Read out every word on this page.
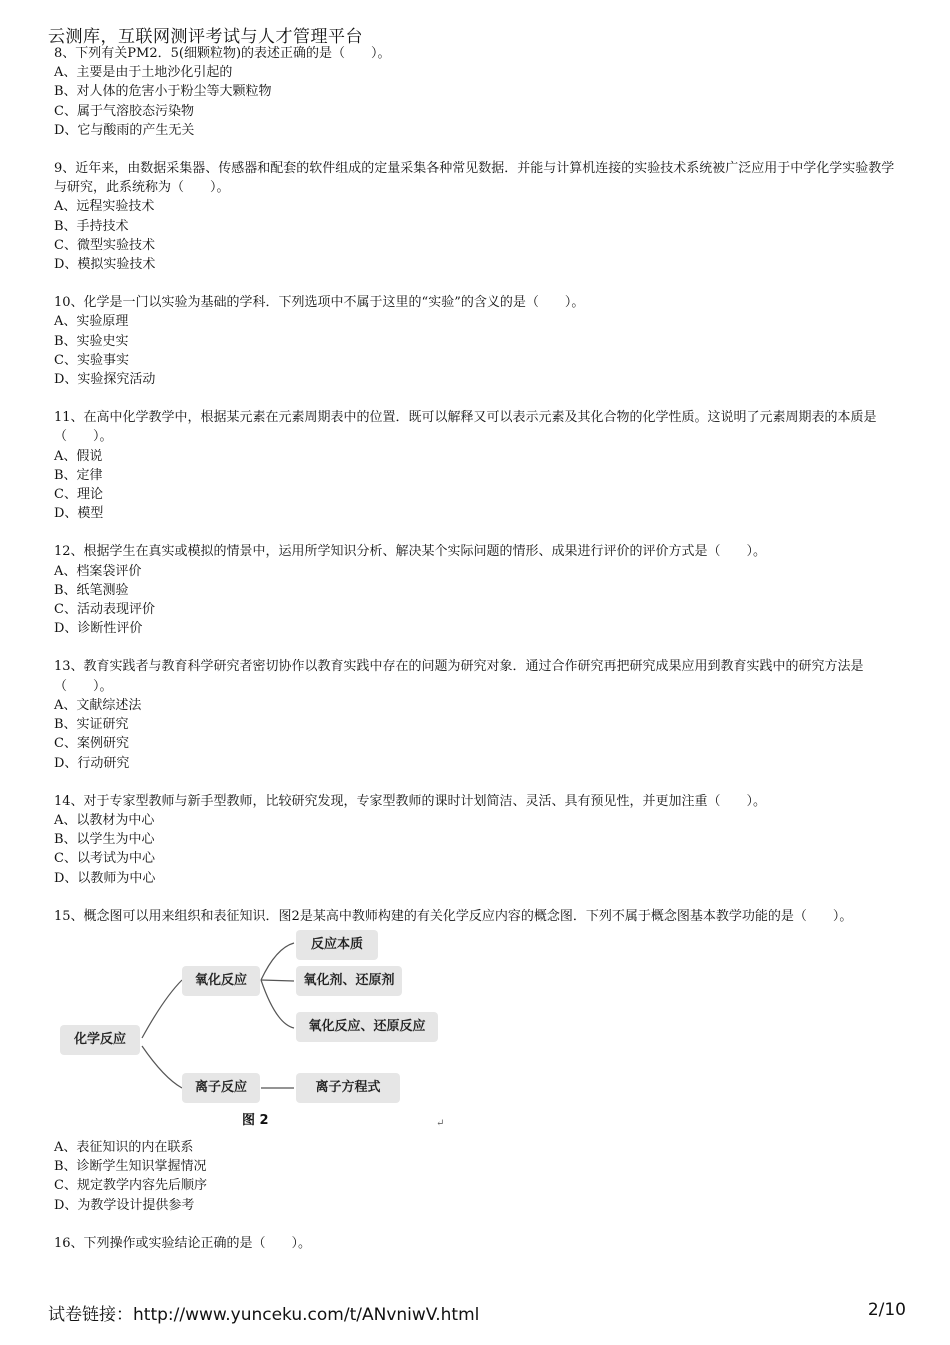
云测库，互联网测评考试与人才管理平台

8、下列有关PM2．5(细颗粒物)的表述正确的是（　　）。

A、主要是由于土地沙化引起的

B、对人体的危害小于粉尘等大颗粒物

C、属于气溶胶态污染物

D、它与酸雨的产生无关

9、近年来，由数据采集器、传感器和配套的软件组成的定量采集各种常见数据．并能与计算机连接的实验技术系统被广泛应用于中学化学实验教学与研究，此系统称为（　　）。

A、远程实验技术

B、手持技术

C、微型实验技术

D、模拟实验技术

10、化学是一门以实验为基础的学科．下列选项中不属于这里的“实验”的含义的是（　　）。

A、实验原理

B、实验史实

C、实验事实

D、实验探究活动

11、在高中化学教学中，根据某元素在元素周期表中的位置．既可以解释又可以表示元素及其化合物的化学性质。这说明了元素周期表的本质是（　　）。

A、假说

B、定律

C、理论

D、模型

12、根据学生在真实或模拟的情景中，运用所学知识分析、解决某个实际问题的情形、成果进行评价的评价方式是（　　）。

A、档案袋评价

B、纸笔测验

C、活动表现评价

D、诊断性评价

13、教育实践者与教育科学研究者密切协作以教育实践中存在的问题为研究对象．通过合作研究再把研究成果应用到教育实践中的研究方法是（　　）。

A、文献综述法

B、实证研究

C、案例研究

D、行动研究

14、对于专家型教师与新手型教师，比较研究发现，专家型教师的课时计划简洁、灵活、具有预见性，并更加注重（　　）。

A、以教材为中心

B、以学生为中心

C、以考试为中心

D、以教师为中心

15、概念图可以用来组织和表征知识．图2是某高中教师构建的有关化学反应内容的概念图．下列不属于概念图基本教学功能的是（　　）。

化学反应
氧化反应
离子反应
反应本质
氧化剂、还原剂
氧化反应、还原反应
离子方程式
图 2	↵

A、表征知识的内在联系

B、诊断学生知识掌握情况

C、规定教学内容先后顺序

D、为教学设计提供参考

16、下列操作或实验结论正确的是（　　）。

试卷链接：http://www.yunceku.com/t/ANvniwV.html	2/10
